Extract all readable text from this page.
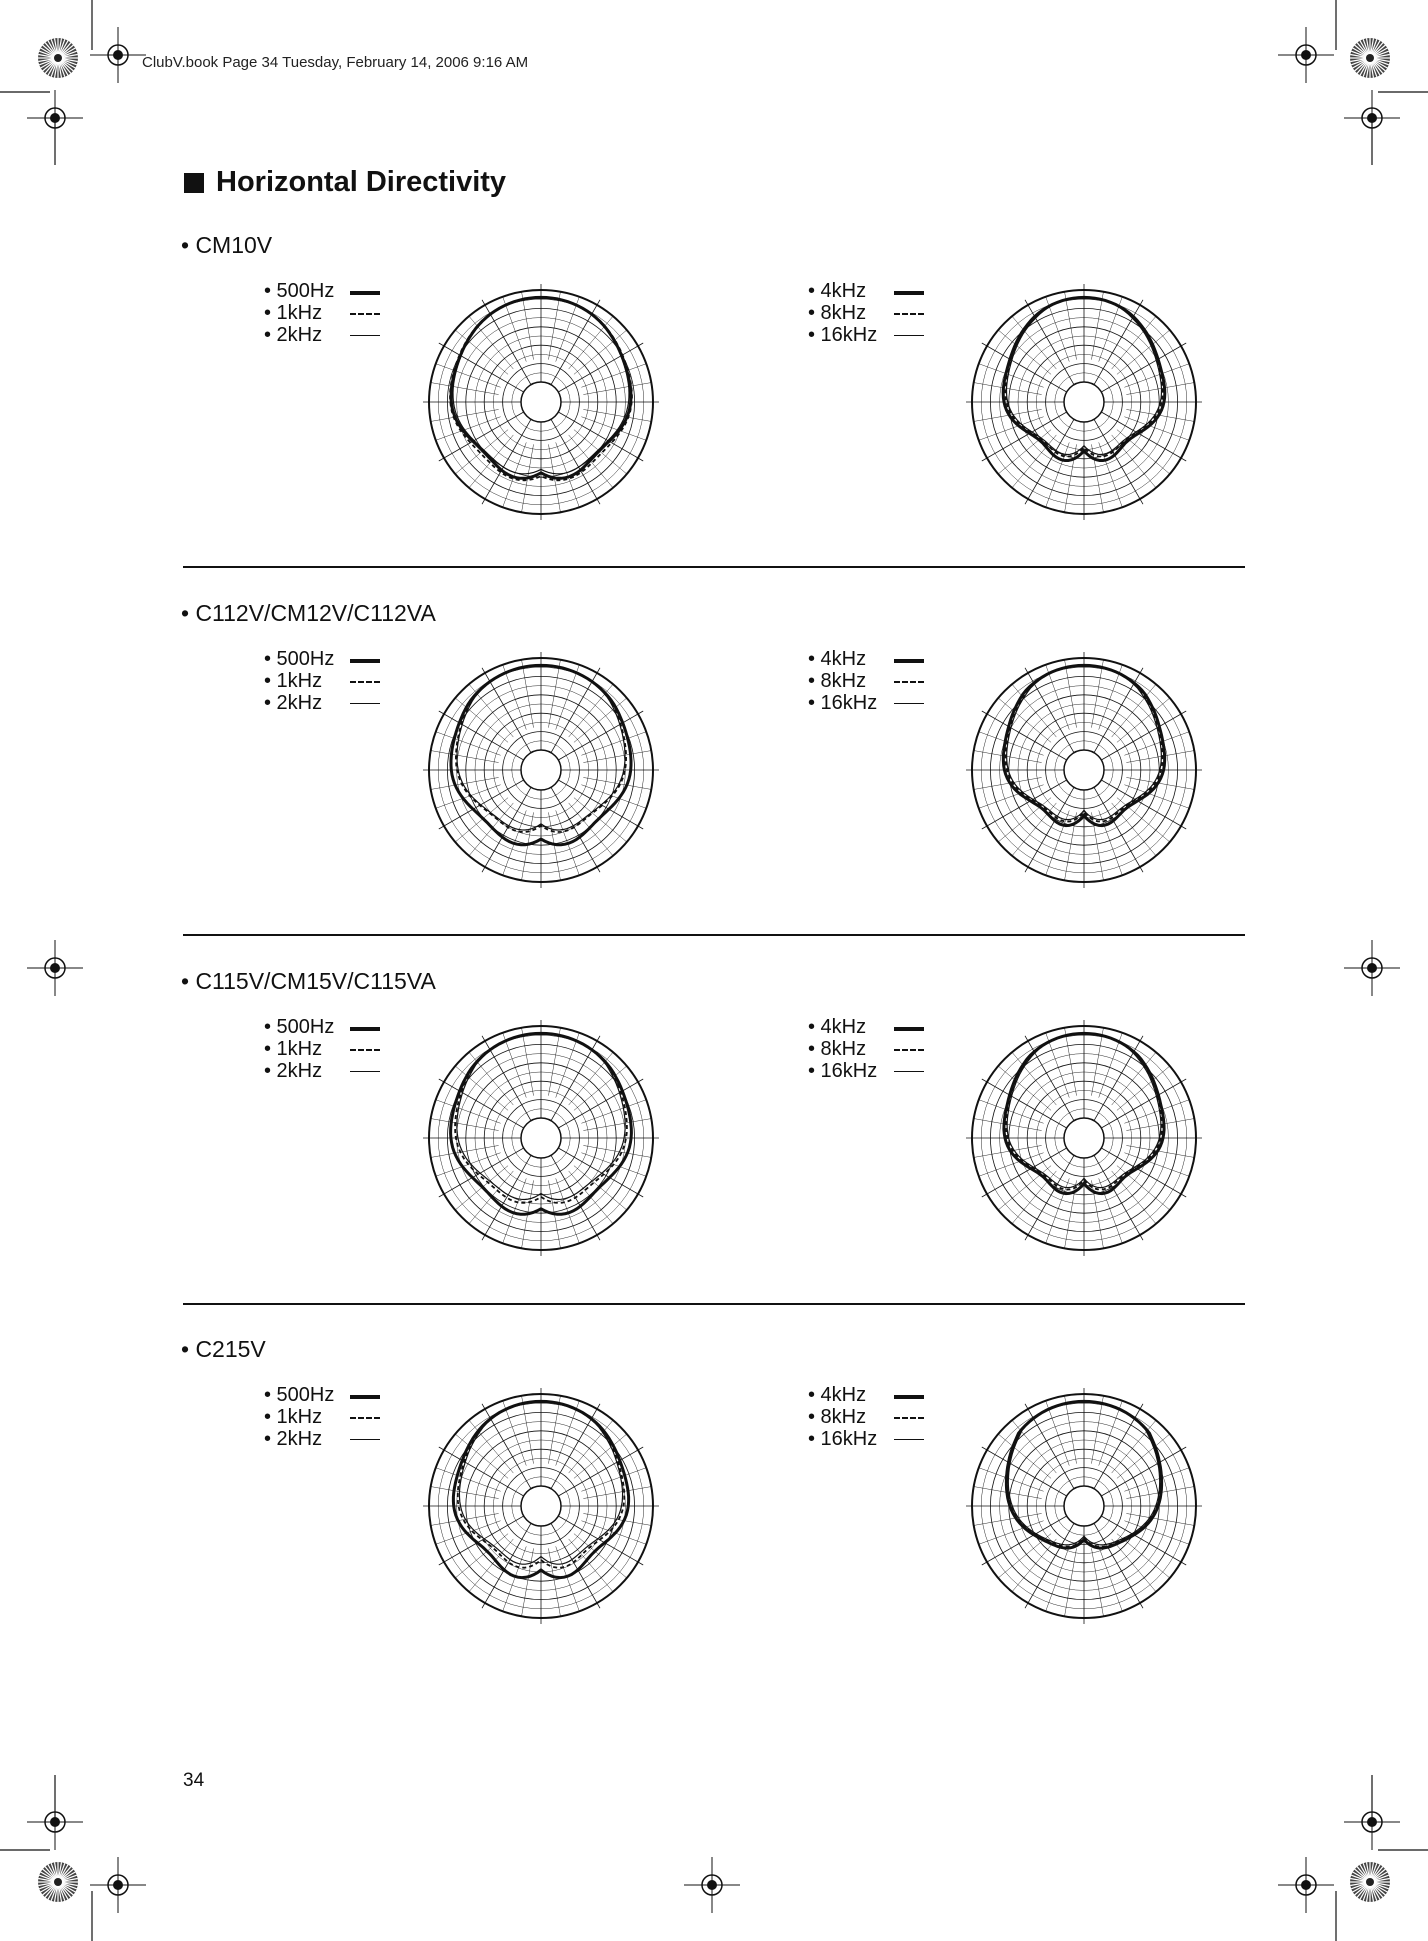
ClubV.book Page 34 Tuesday, February 14, 2006 9:16 AM
Horizontal Directivity
• CM10V
• 500Hz
• 1kHz
• 2kHz
• 4kHz
• 8kHz
• 16kHz
• C112V/CM12V/C112VA
• 500Hz
• 1kHz
• 2kHz
• 4kHz
• 8kHz
• 16kHz
• C115V/CM15V/C115VA
• 500Hz
• 1kHz
• 2kHz
• 4kHz
• 8kHz
• 16kHz
• C215V
• 500Hz
• 1kHz
• 2kHz
• 4kHz
• 8kHz
• 16kHz
34
